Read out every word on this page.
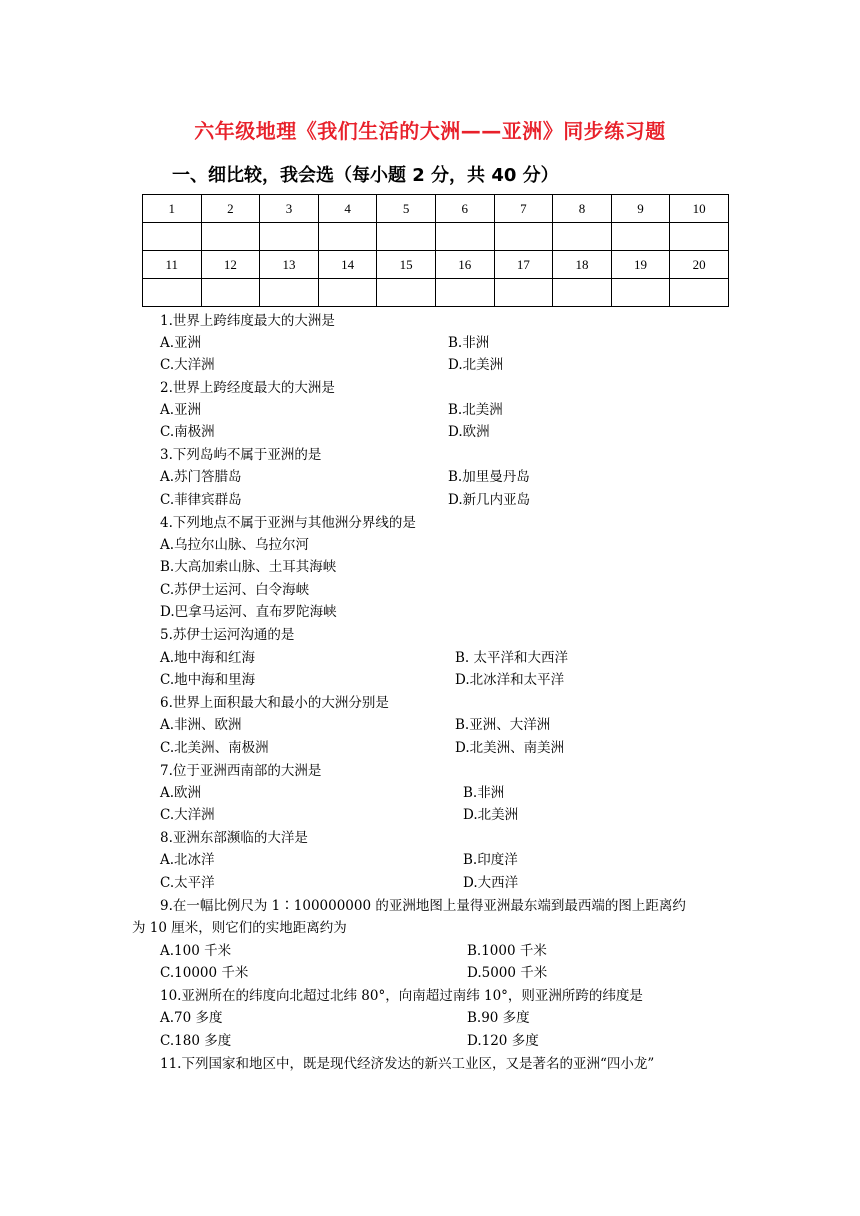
六年级地理《我们生活的大洲——亚洲》同步练习题
一、细比较，我会选（每小题 2 分，共 40 分）
1	2	3	4	5	6	7	8	9	10

11	12	13	14	15	16	17	18	19	20

1.世界上跨纬度最大的大洲是
A.亚洲	B.非洲
C.大洋洲	D.北美洲
2.世界上跨经度最大的大洲是
A.亚洲	B.北美洲
C.南极洲	D.欧洲
3.下列岛屿不属于亚洲的是
A.苏门答腊岛	B.加里曼丹岛
C.菲律宾群岛	D.新几内亚岛
4.下列地点不属于亚洲与其他洲分界线的是
A.乌拉尔山脉、乌拉尔河
B.大高加索山脉、土耳其海峡
C.苏伊士运河、白令海峡
D.巴拿马运河、直布罗陀海峡
5.苏伊士运河沟通的是
A.地中海和红海	B. 太平洋和大西洋
C.地中海和里海	D.北冰洋和太平洋
6.世界上面积最大和最小的大洲分别是
A.非洲、欧洲	B.亚洲、大洋洲
C.北美洲、南极洲	D.北美洲、南美洲
7.位于亚洲西南部的大洲是
A.欧洲	B.非洲
C.大洋洲	D.北美洲
8.亚洲东部濒临的大洋是
A.北冰洋	B.印度洋
C.太平洋	D.大西洋
9.在一幅比例尺为 1∶100000000 的亚洲地图上量得亚洲最东端到最西端的图上距离约
为 10 厘米，则它们的实地距离约为
A.100 千米	B.1000 千米
C.10000 千米	D.5000 千米
10.亚洲所在的纬度向北超过北纬 80°，向南超过南纬 10°，则亚洲所跨的纬度是
A.70 多度	B.90 多度
C.180 多度	D.120 多度
11.下列国家和地区中，既是现代经济发达的新兴工业区，又是著名的亚洲“四小龙”
